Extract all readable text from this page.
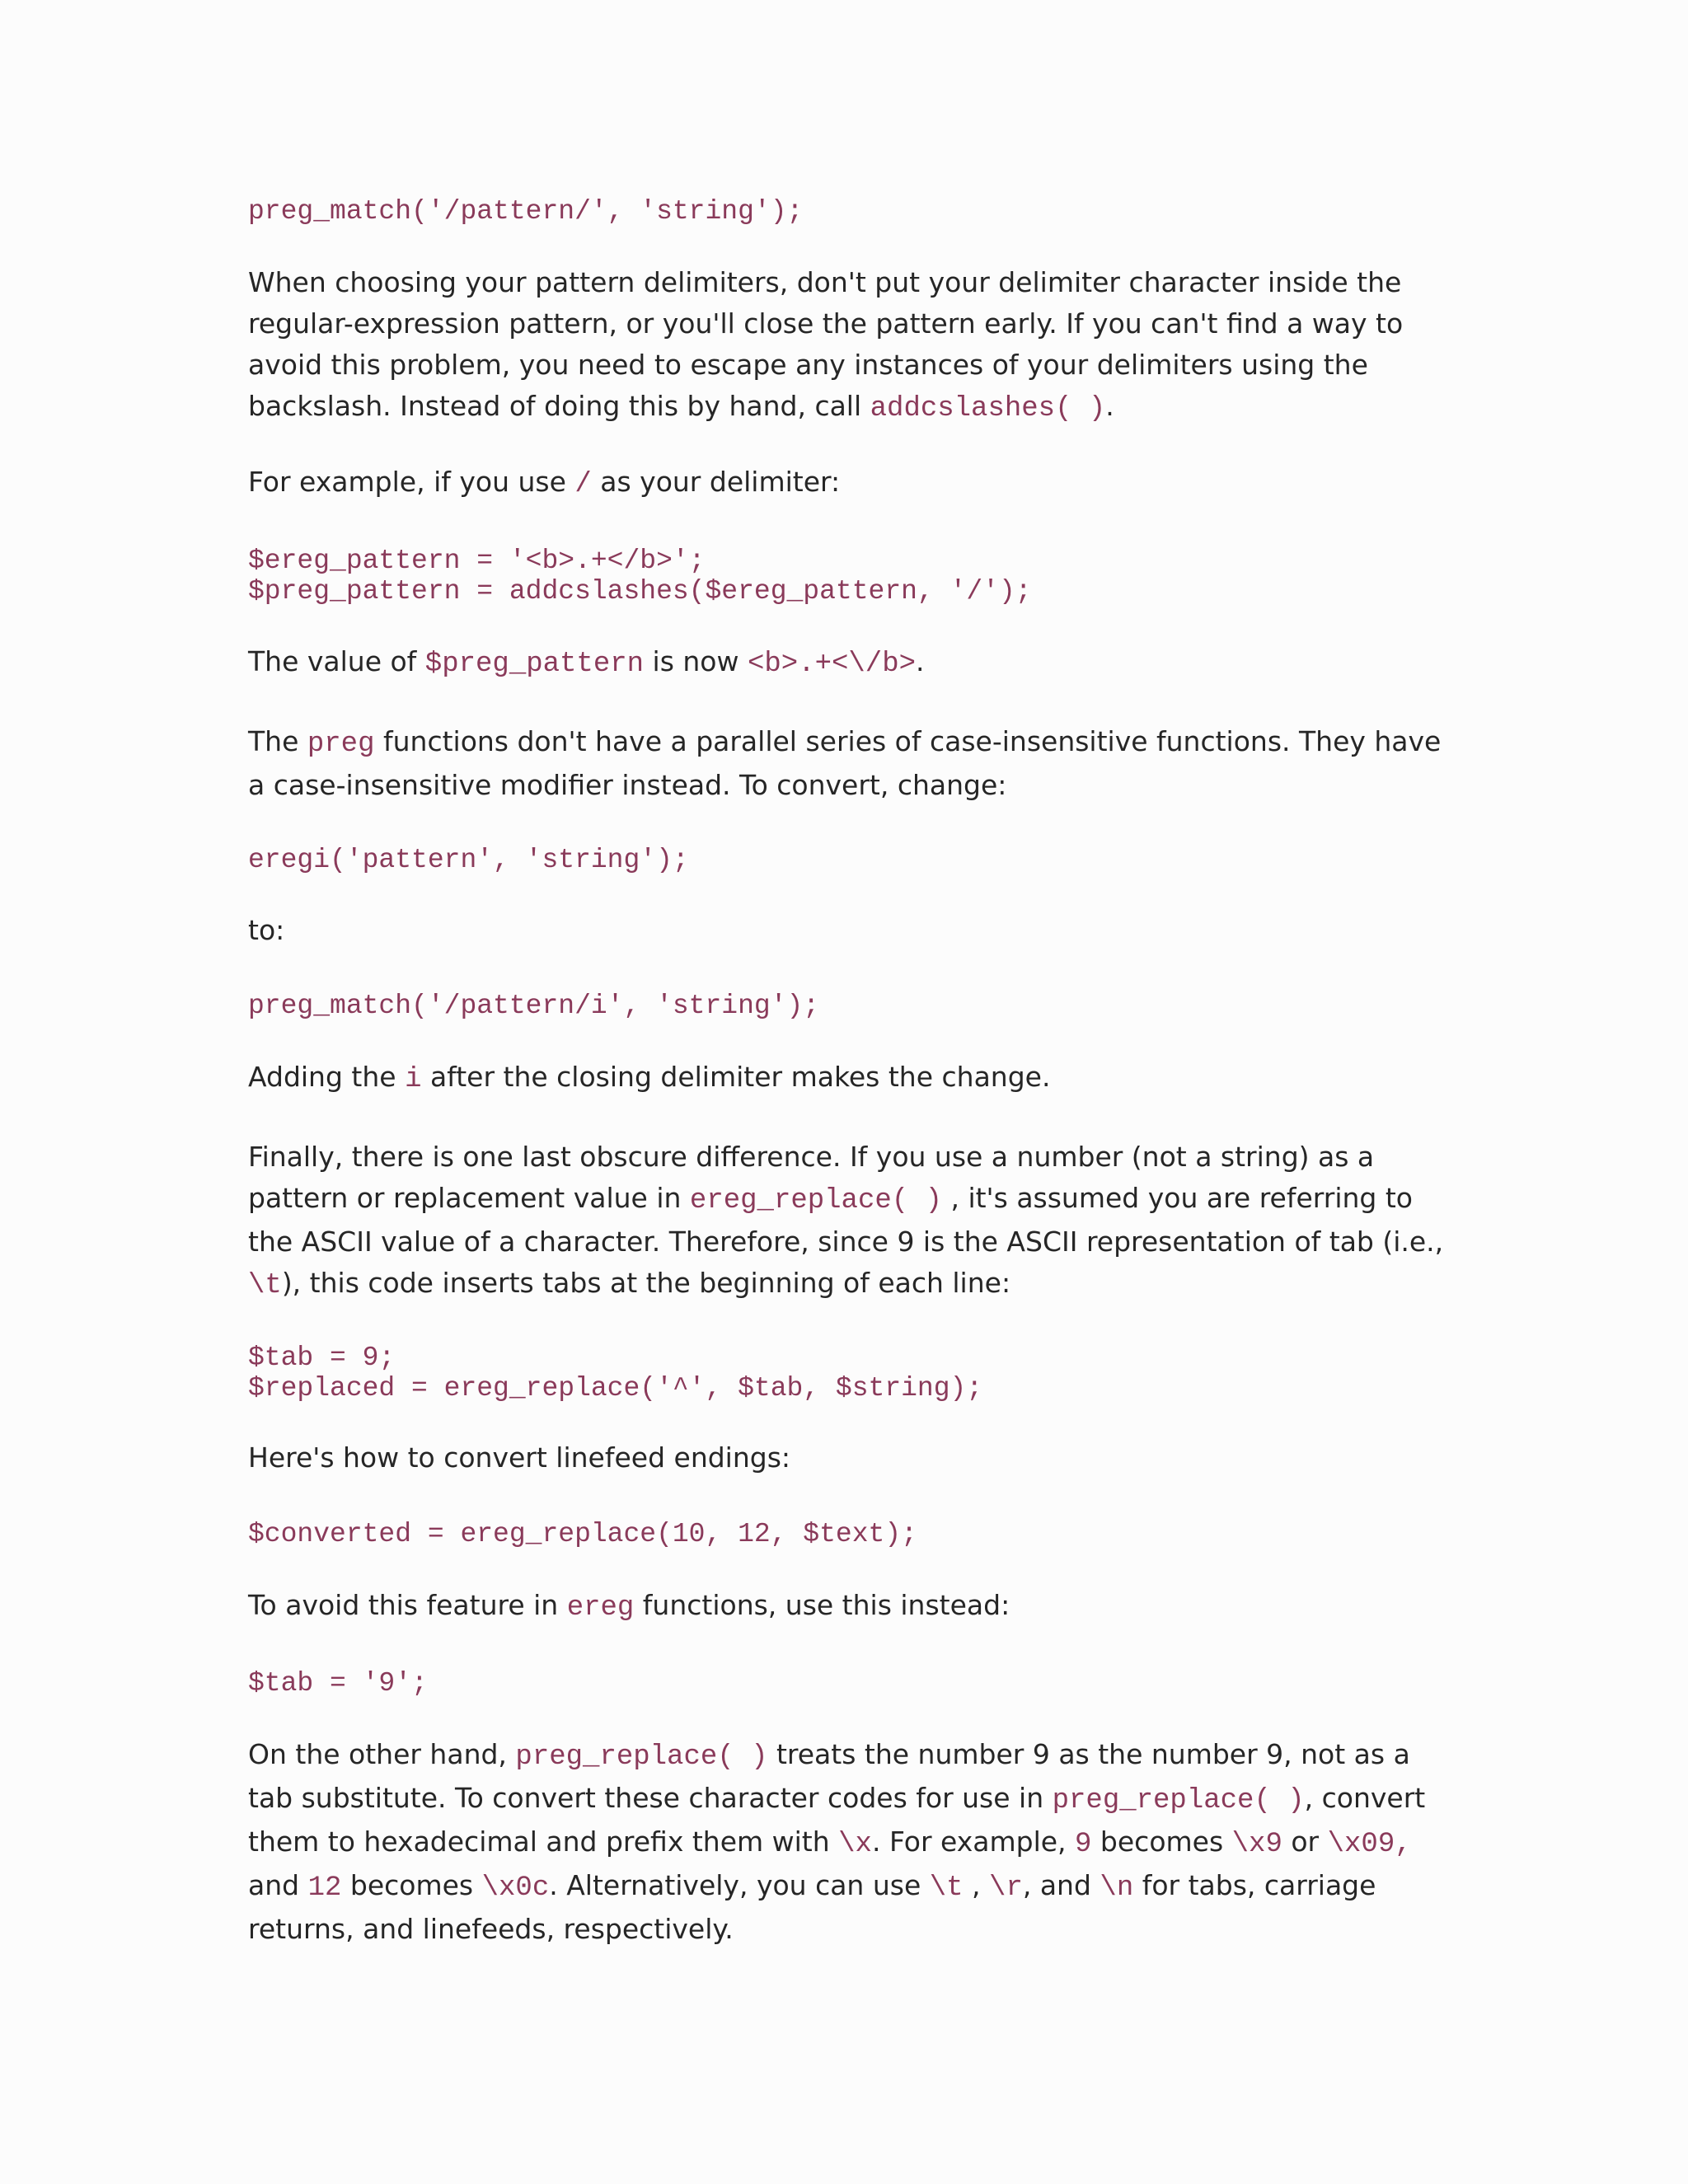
preg_match('/pattern/', 'string');

When choosing your pattern delimiters, don't put your delimiter character inside the regular-expression pattern, or you'll close the pattern early. If you can't find a way to avoid this problem, you need to escape any instances of your delimiters using the backslash. Instead of doing this by hand, call addcslashes( ).

For example, if you use / as your delimiter:

$ereg_pattern = '<b>.+</b>';
$preg_pattern = addcslashes($ereg_pattern, '/');

The value of $preg_pattern is now <b>.+<\/b>.

The preg functions don't have a parallel series of case-insensitive functions. They have a case-insensitive modifier instead. To convert, change:

eregi('pattern', 'string');

to:

preg_match('/pattern/i', 'string');

Adding the i after the closing delimiter makes the change.

Finally, there is one last obscure difference. If you use a number (not a string) as a pattern or replacement value in ereg_replace( ) , it's assumed you are referring to the ASCII value of a character. Therefore, since 9 is the ASCII representation of tab (i.e., \t), this code inserts tabs at the beginning of each line:

$tab = 9;
$replaced = ereg_replace('^', $tab, $string);

Here's how to convert linefeed endings:

$converted = ereg_replace(10, 12, $text);

To avoid this feature in ereg functions, use this instead:

$tab = '9';

On the other hand, preg_replace( ) treats the number 9 as the number 9, not as a tab substitute. To convert these character codes for use in preg_replace( ), convert them to hexadecimal and prefix them with \x. For example, 9 becomes \x9 or \x09, and 12 becomes \x0c. Alternatively, you can use \t , \r, and \n for tabs, carriage returns, and linefeeds, respectively.
